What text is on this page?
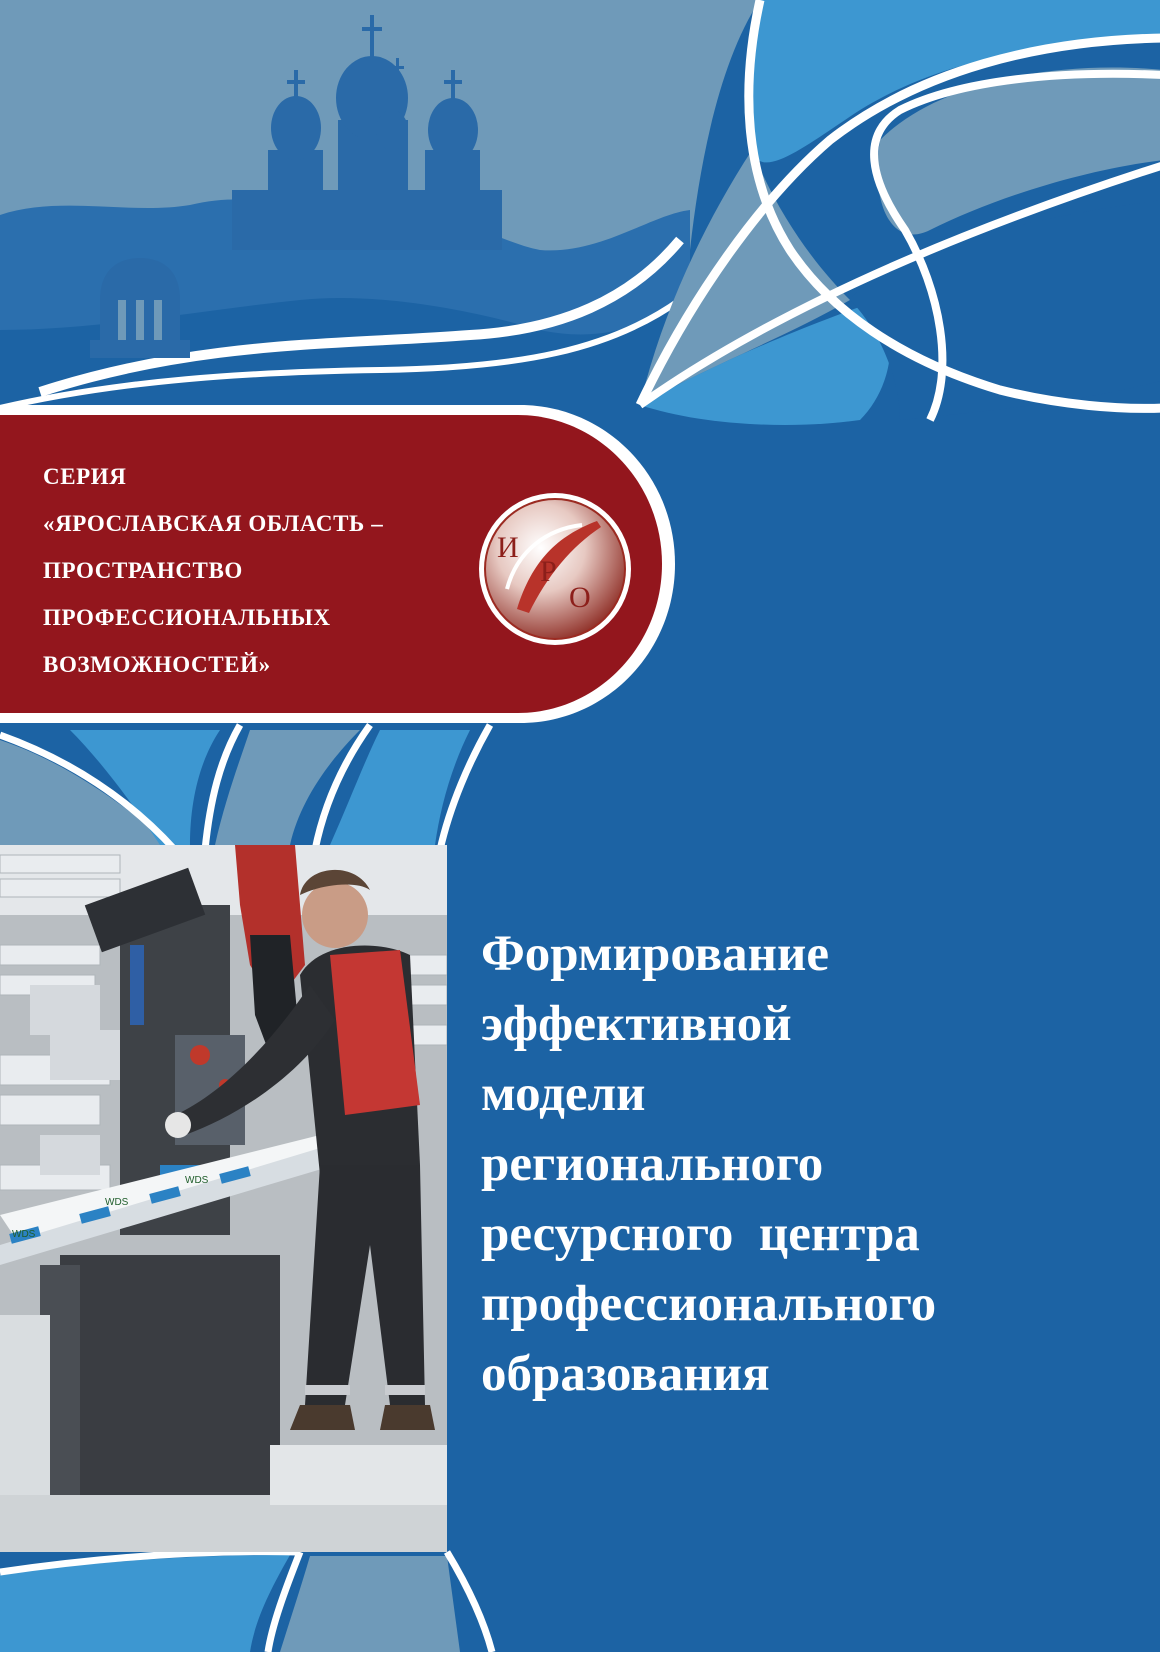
СЕРИЯ
«ЯРОСЛАВСКАЯ ОБЛАСТЬ –
ПРОСТРАНСТВО
ПРОФЕССИОНАЛЬНЫХ
ВОЗМОЖНОСТЕЙ»
И
Р
О
WDS
WDS
WDS
Формирование
эффективной
модели
регионального
ресурсного  центра
профессионального
образования
